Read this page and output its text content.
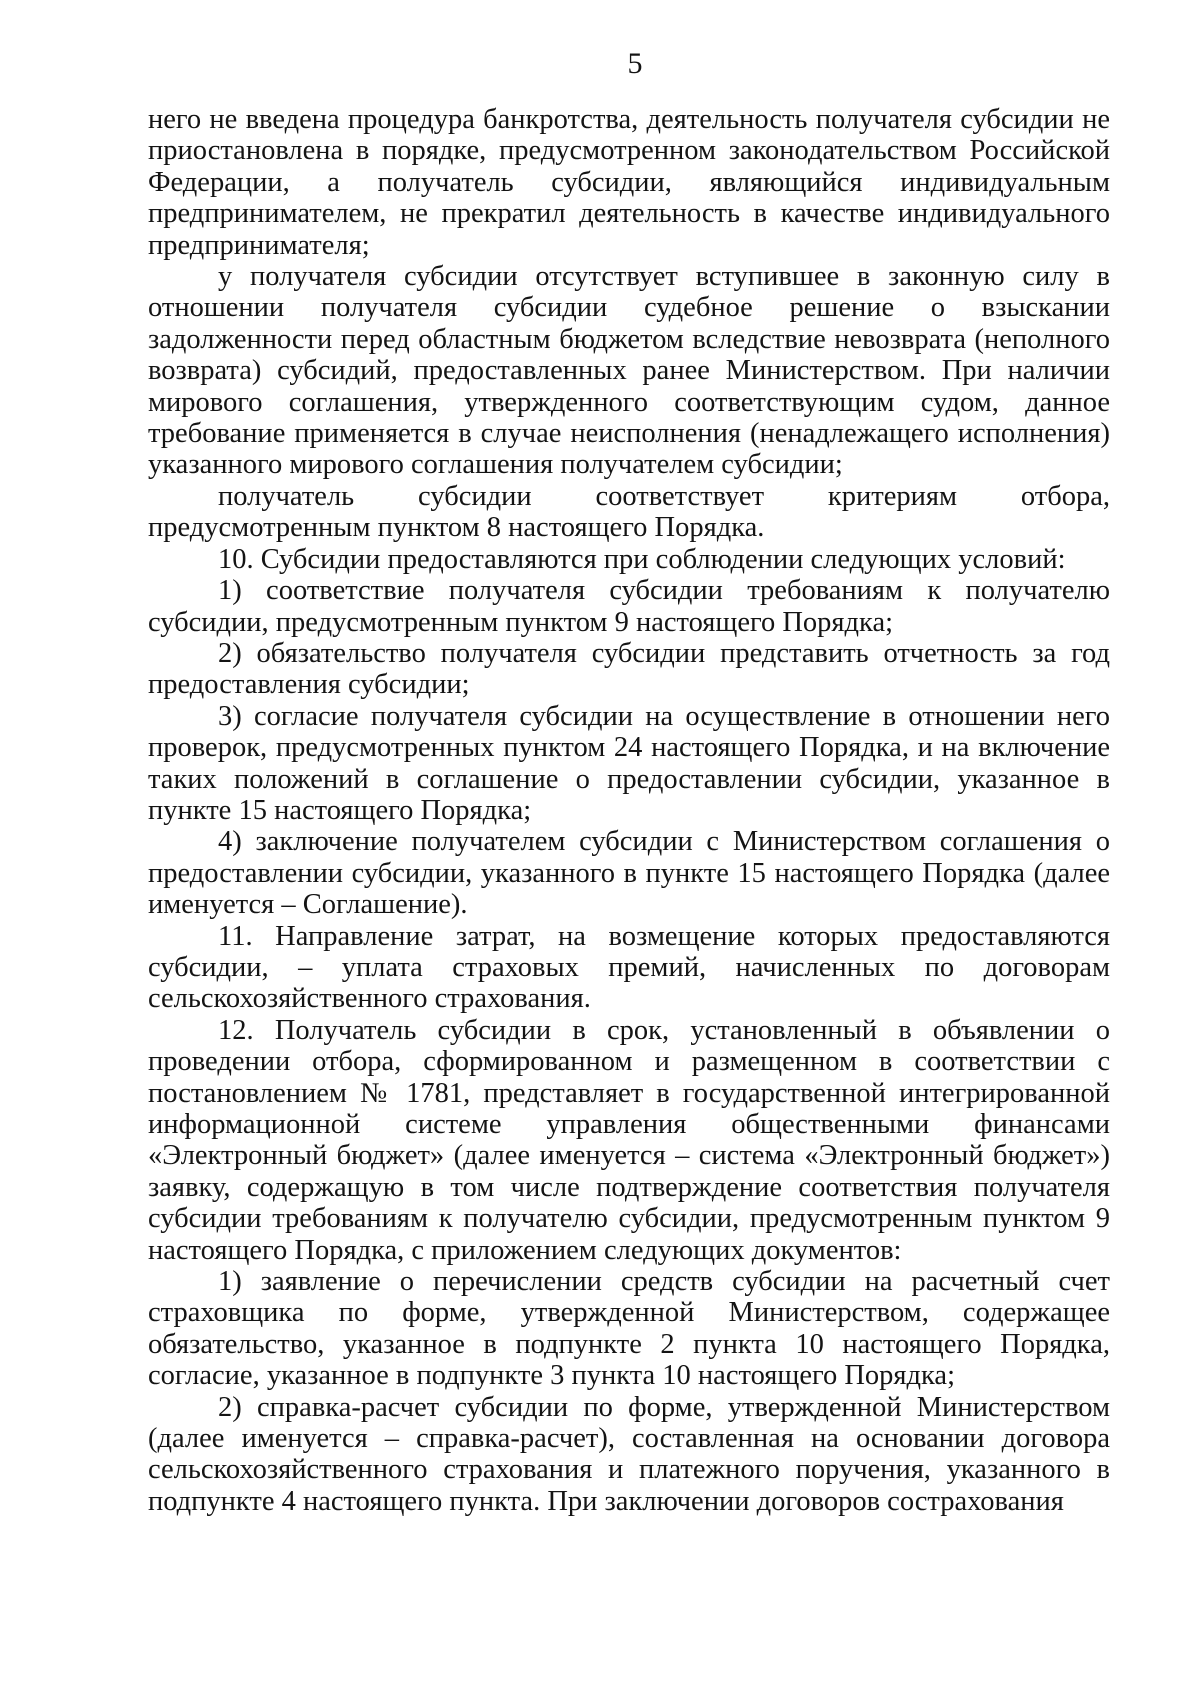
5

него не введена процедура банкротства, деятельность получателя субсидии не приостановлена в порядке, предусмотренном законодательством Российской Федерации, а получатель субсидии, являющийся индивидуальным предпринимателем, не прекратил деятельность в качестве индивидуального предпринимателя;

у получателя субсидии отсутствует вступившее в законную силу в отношении получателя субсидии судебное решение о взыскании задолженности перед областным бюджетом вследствие невозврата (неполного возврата) субсидий, предоставленных ранее Министерством. При наличии мирового соглашения, утвержденного соответствующим судом, данное требование применяется в случае неисполнения (ненадлежащего исполнения) указанного мирового соглашения получателем субсидии;

получатель субсидии соответствует критериям отбора, предусмотренным пунктом 8 настоящего Порядка.

10. Субсидии предоставляются при соблюдении следующих условий:

1) соответствие получателя субсидии требованиям к получателю субсидии, предусмотренным пунктом 9 настоящего Порядка;

2) обязательство получателя субсидии представить отчетность за год предоставления субсидии;

3) согласие получателя субсидии на осуществление в отношении него проверок, предусмотренных пунктом 24 настоящего Порядка, и на включение таких положений в соглашение о предоставлении субсидии, указанное в пункте 15 настоящего Порядка;

4) заключение получателем субсидии с Министерством соглашения о предоставлении субсидии, указанного в пункте 15 настоящего Порядка (далее именуется – Соглашение).

11. Направление затрат, на возмещение которых предоставляются субсидии, – уплата страховых премий, начисленных по договорам сельскохозяйственного страхования.

12. Получатель субсидии в срок, установленный в объявлении о проведении отбора, сформированном и размещенном в соответствии с постановлением № 1781, представляет в государственной интегрированной информационной системе управления общественными финансами «Электронный бюджет» (далее именуется – система «Электронный бюджет») заявку, содержащую в том числе подтверждение соответствия получателя субсидии требованиям к получателю субсидии, предусмотренным пунктом 9 настоящего Порядка, с приложением следующих документов:

1) заявление о перечислении средств субсидии на расчетный счет страховщика по форме, утвержденной Министерством, содержащее обязательство, указанное в подпункте 2 пункта 10 настоящего Порядка, согласие, указанное в подпункте 3 пункта 10 настоящего Порядка;

2) справка-расчет субсидии по форме, утвержденной Министерством (далее именуется – справка-расчет), составленная на основании договора сельскохозяйственного страхования и платежного поручения, указанного в подпункте 4 настоящего пункта. При заключении договоров сострахования
